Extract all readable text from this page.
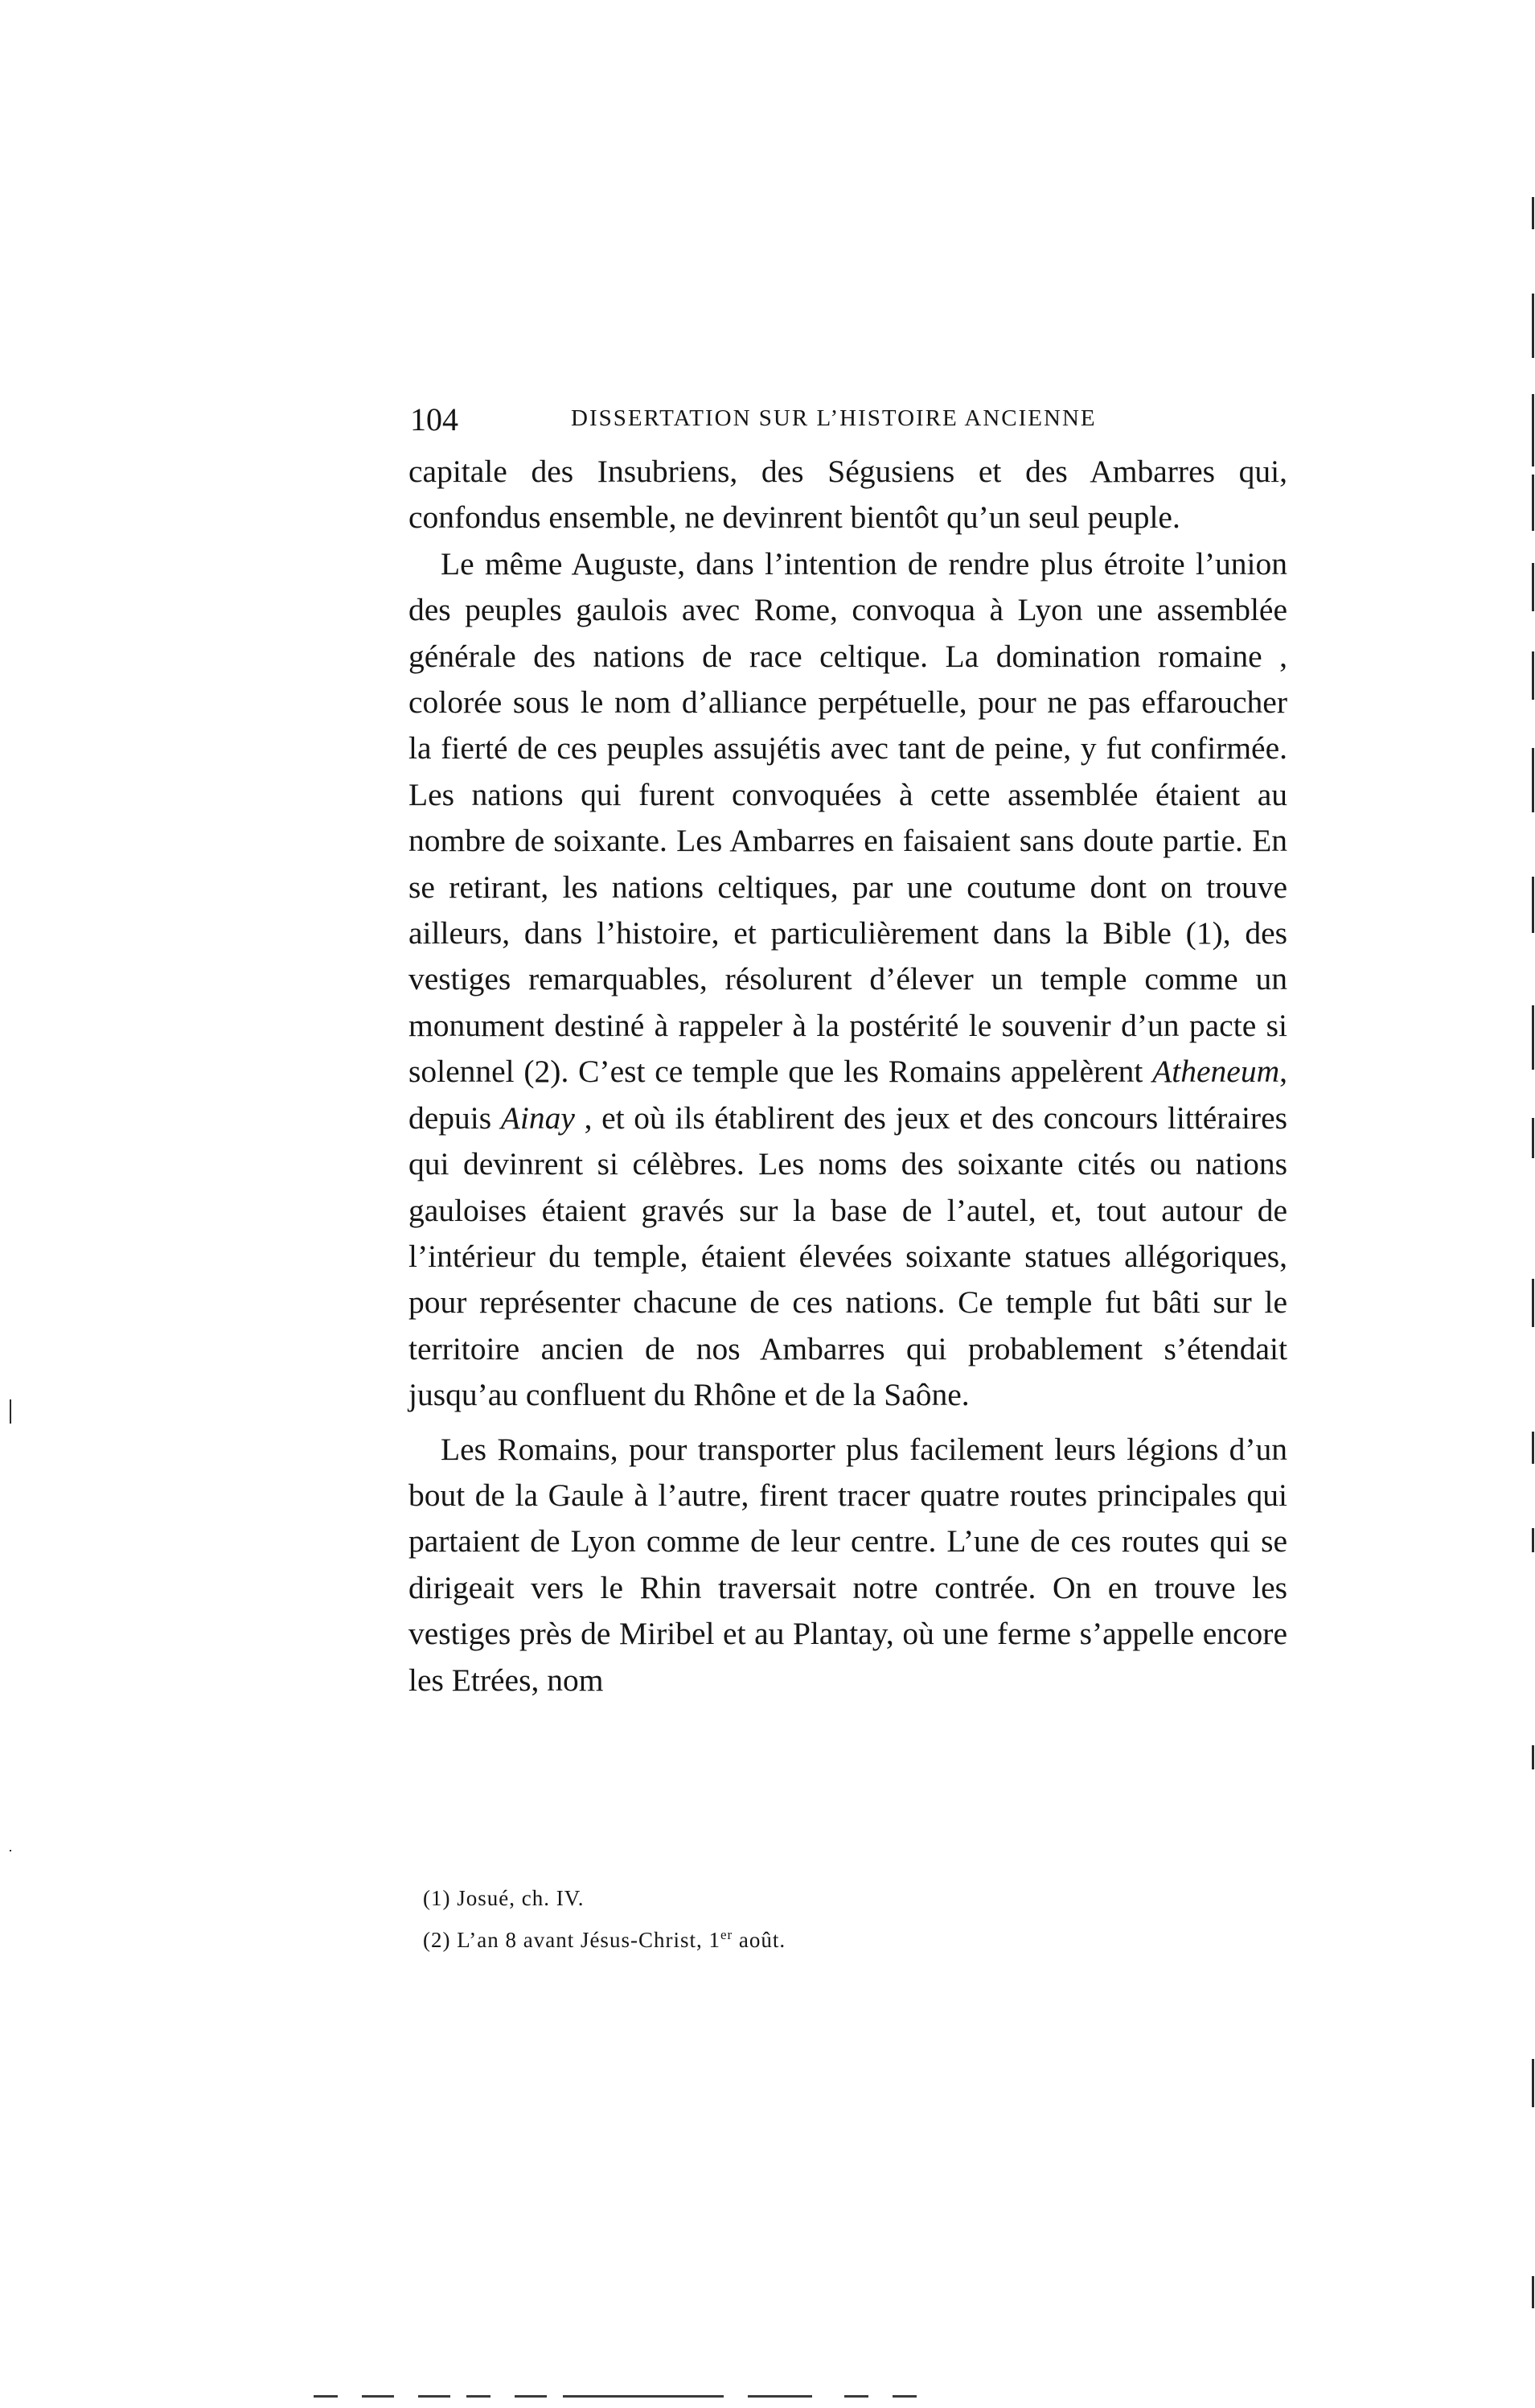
104	DISSERTATION SUR L’HISTOIRE ANCIENNE

capitale des Insubriens, des Ségusiens et des Ambarres qui, confondus ensemble, ne devinrent bientôt qu’un seul peuple.

Le même Auguste, dans l’intention de rendre plus étroite l’union des peuples gaulois avec Rome, convoqua à Lyon une assemblée générale des nations de race celtique. La domination romaine , colorée sous le nom d’alliance perpétuelle, pour ne pas effaroucher la fierté de ces peuples assujétis avec tant de peine, y fut confirmée. Les nations qui furent convoquées à cette assemblée étaient au nombre de soixante. Les Ambarres en faisaient sans doute partie. En se retirant, les nations celtiques, par une coutume dont on trouve ailleurs, dans l’histoire, et particulièrement dans la Bible (1), des vestiges remarquables, résolurent d’élever un temple comme un monument destiné à rappeler à la postérité le souvenir d’un pacte si solennel (2). C’est ce temple que les Romains appelèrent Atheneum, depuis Ainay , et où ils établirent des jeux et des concours littéraires qui devinrent si célèbres. Les noms des soixante cités ou nations gauloises étaient gravés sur la base de l’autel, et, tout autour de l’intérieur du temple, étaient élevées soixante statues allégoriques, pour représenter chacune de ces nations. Ce temple fut bâti sur le territoire ancien de nos Ambarres qui probablement s’étendait jusqu’au confluent du Rhône et de la Saône.

Les Romains, pour transporter plus facilement leurs légions d’un bout de la Gaule à l’autre, firent tracer quatre routes principales qui partaient de Lyon comme de leur centre. L’une de ces routes qui se dirigeait vers le Rhin traversait notre contrée. On en trouve les vestiges près de Miribel et au Plantay, où une ferme s’appelle encore les Etrées, nom

(1) Josué, ch. IV.
(2) L’an 8 avant Jésus-Christ, 1er août.
